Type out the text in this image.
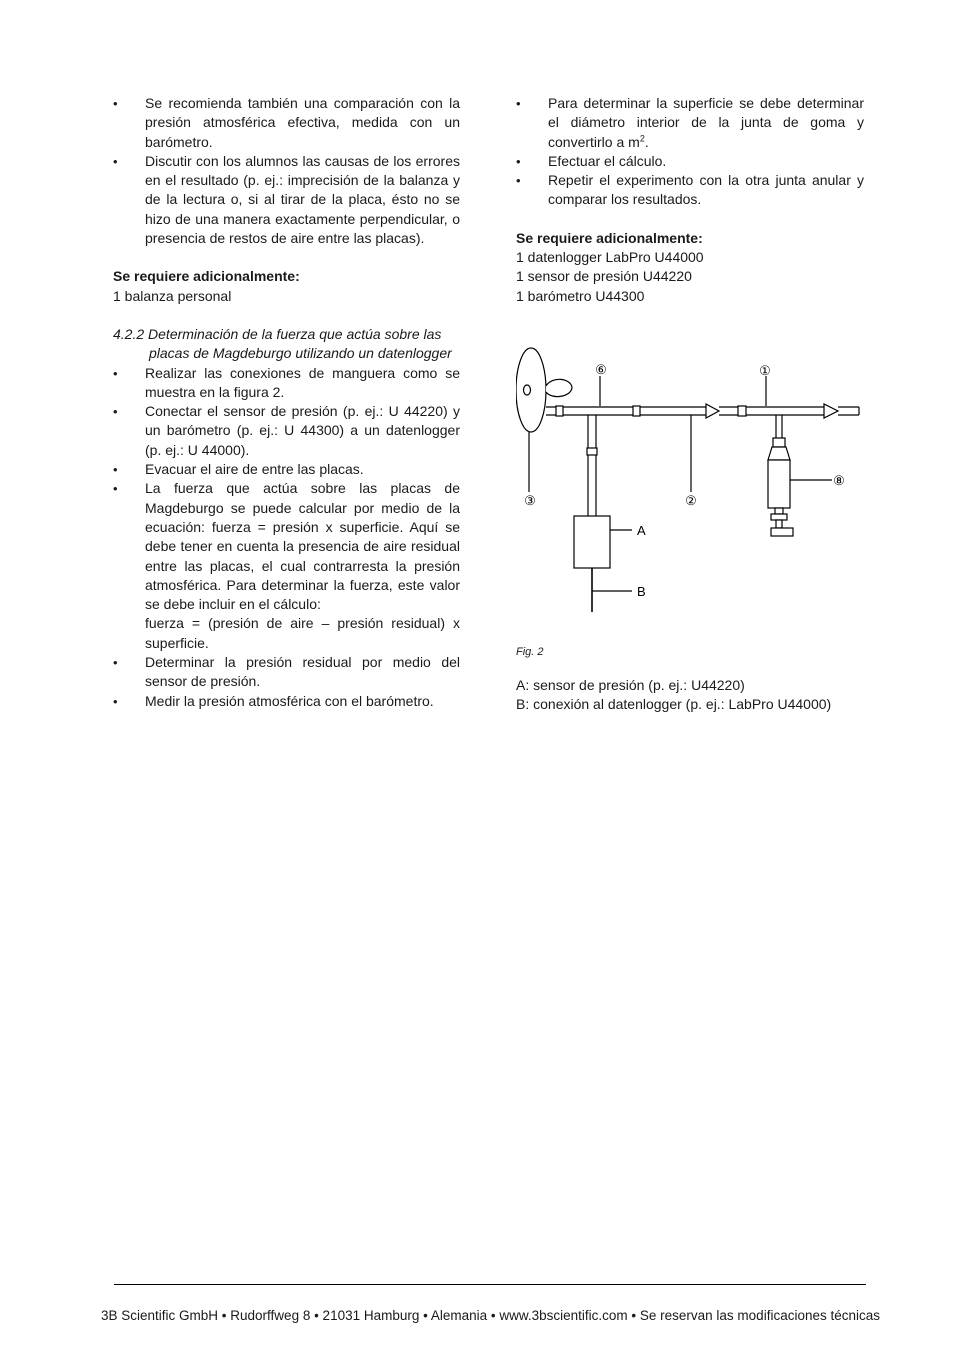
• Se recomienda también una comparación con la presión atmosférica efectiva, medida con un barómetro.
• Discutir con los alumnos las causas de los errores en el resultado (p. ej.: imprecisión de la balanza y de la lectura o, si al tirar de la placa, ésto no se hizo de una manera exactamente perpendicular, o presencia de restos de aire entre las placas).

Se requiere adicionalmente:

1 balanza personal

4.2.2 Determinación de la fuerza que actúa sobre las
placas de Magdeburgo utilizando un datenlogger

• Realizar las conexiones de manguera como se muestra en la figura 2.
• Conectar el sensor de presión (p. ej.: U 44220) y un barómetro (p. ej.: U 44300) a un datenlogger (p. ej.: U 44000).
• Evacuar el aire de entre las placas.
• La fuerza que actúa sobre las placas de Magdeburgo se puede calcular por medio de la ecuación: fuerza = presión x superficie. Aquí se debe tener en cuenta la presencia de aire residual entre las placas, el cual contrarresta la presión atmosférica. Para determinar la fuerza, este valor se debe incluir en el cálculo:
fuerza = (presión de aire – presión residual) x superficie.
• Determinar la presión residual por medio del sensor de presión.
• Medir la presión atmosférica con el barómetro.
• Para determinar la superficie se debe determinar el diámetro interior de la junta de goma y convertirlo a $m^2$.
• Efectuar el cálculo.
• Repetir el experimento con la otra junta anular y comparar los resultados.

Se requiere adicionalmente:

1 datenlogger LabPro U44000

1 sensor de presión U44220

1 barómetro U44300

⑥	①
③	②
⑧
A
B
Fig. 2
A: sensor de presión (p. ej.: U44220)
B: conexión al datenlogger (p. ej.: LabPro U44000)
3B Scientific GmbH • Rudorffweg 8 • 21031 Hamburg • Alemania • www.3bscientific.com • Se reservan las modificaciones técnicas
